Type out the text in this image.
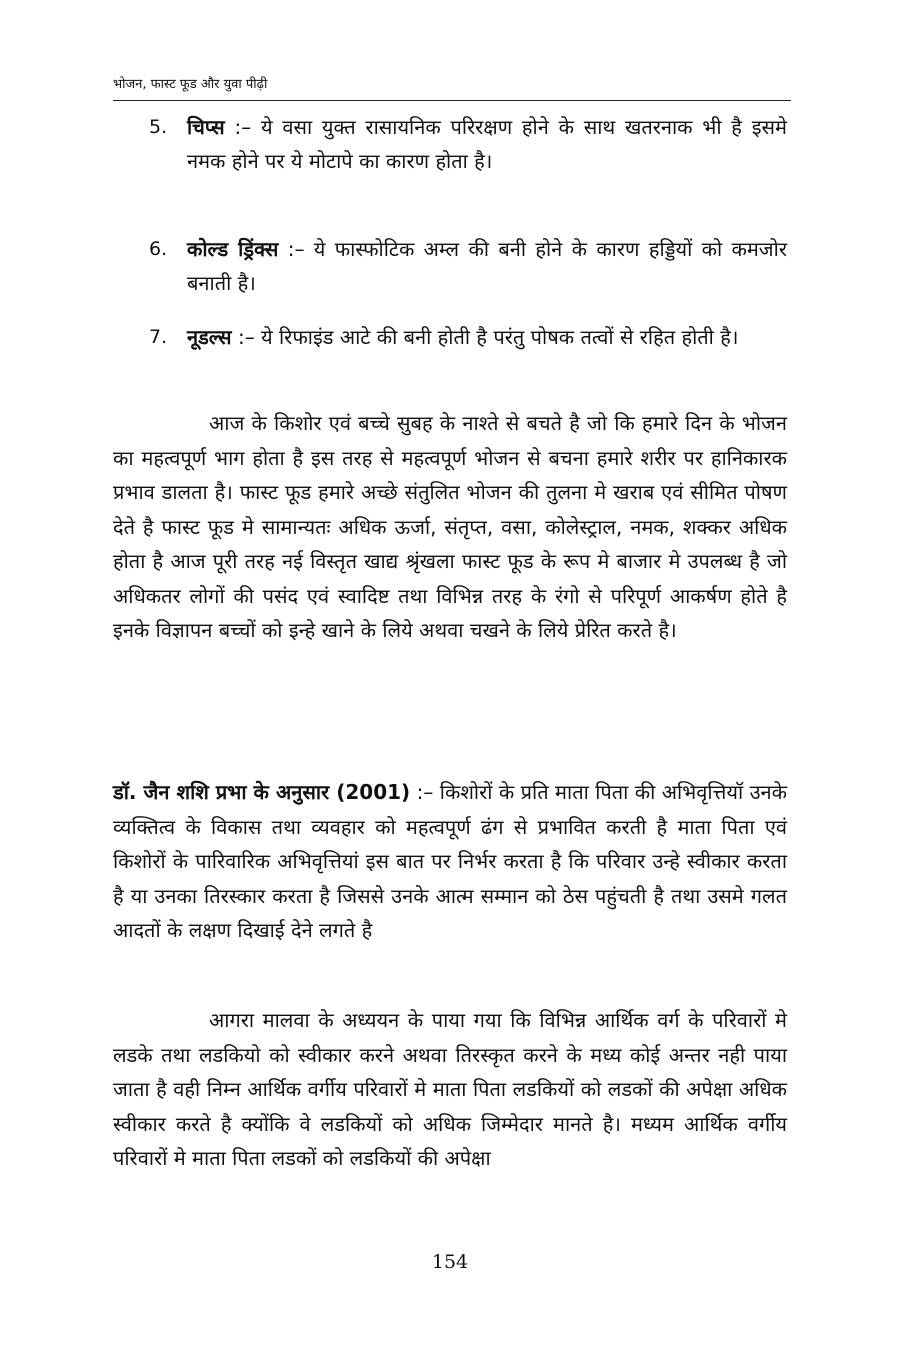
भोजन, फास्ट फूड और युवा पीढ़ी
5. चिप्स :– ये वसा युक्त रासायनिक परिरक्षण होने के साथ खतरनाक भी है इसमे नमक होने पर ये मोटापे का कारण होता है।
6. कोल्ड ड्रिंक्स :– ये फास्फोटिक अम्ल की बनी होने के कारण हड्डियों को कमजोर बनाती है।
7. नूडल्स :– ये रिफाइंड आटे की बनी होती है परंतु पोषक तत्वों से रहित होती है।

आज के किशोर एवं बच्चे सुबह के नाश्ते से बचते है जो कि हमारे दिन के भोजन का महत्वपूर्ण भाग होता है इस तरह से महत्वपूर्ण भोजन से बचना हमारे शरीर पर हानिकारक प्रभाव डालता है। फास्ट फूड हमारे अच्छे संतुलित भोजन की तुलना मे खराब एवं सीमित पोषण देते है फास्ट फूड मे सामान्यतः अधिक ऊर्जा, संतृप्त, वसा, कोलेस्ट्राल, नमक, शक्कर अधिक होता है आज पूरी तरह नई विस्तृत खाद्य श्रृंखला फास्ट फूड के रूप मे बाजार मे उपलब्ध है जो अधिकतर लोगों की पसंद एवं स्वादिष्ट तथा विभिन्न तरह के रंगो से परिपूर्ण आकर्षण होते है इनके विज्ञापन बच्चों को इन्हे खाने के लिये अथवा चखने के लिये प्रेरित करते है।

डॉ. जैन शशि प्रभा के अनुसार (2001) :– किशोरों के प्रति माता पिता की अभिवृत्तियॉ उनके व्यक्तित्व के विकास तथा व्यवहार को महत्वपूर्ण ढंग से प्रभावित करती है माता पिता एवं किशोरों के पारिवारिक अभिवृत्तियां इस बात पर निर्भर करता है कि परिवार उन्हे स्वीकार करता है या उनका तिरस्कार करता है जिससे उनके आत्म सम्मान को ठेस पहुंचती है तथा उसमे गलत आदतों के लक्षण दिखाई देने लगते है

आगरा मालवा के अध्ययन के पाया गया कि विभिन्न आर्थिक वर्ग के परिवारों मे लडके तथा लडकियो को स्वीकार करने अथवा तिरस्कृत करने के मध्य कोई अन्तर नही पाया जाता है वही निम्न आर्थिक वर्गीय परिवारों मे माता पिता लडकियों को लडकों की अपेक्षा अधिक स्वीकार करते है क्योंकि वे लडकियों को अधिक जिम्मेदार मानते है। मध्यम आर्थिक वर्गीय परिवारों मे माता पिता लडकों को लडकियों की अपेक्षा

154
